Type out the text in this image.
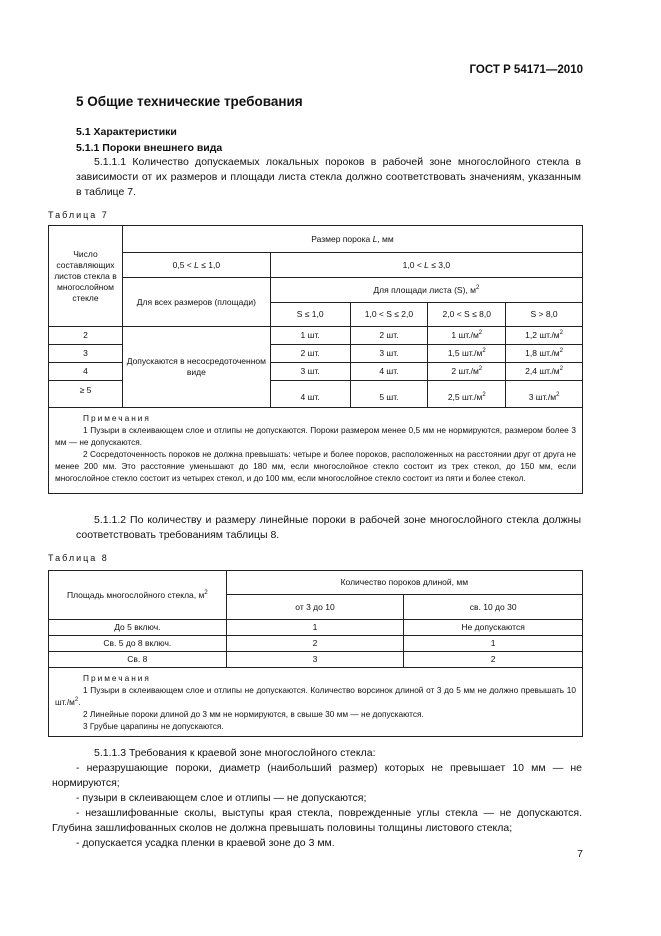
ГОСТ Р 54171—2010
5 Общие технические требования
5.1 Характеристики
5.1.1 Пороки внешнего вида
5.1.1.1 Количество допускаемых локальных пороков в рабочей зоне многослойного стекла в зависимости от их размеров и площади листа стекла должно соответствовать значениям, указанным в таблице 7.
Таблица 7
Число составляющих листов стекла в многослойном стекле	Размер порока L, мм				
	0,5 < L ≤ 1,0	1,0 < L ≤ 3,0			
	Для всех размеров (площади)	Для площади листа (S), $м^2$
		S ≤ 1,0	1,0 < S ≤ 2,0	2,0 < S ≤ 8,0	S > 8,0
2	Допускаются в несосредоточенном виде	1 шт.	2 шт.	1 $шт./м^2$	1,2 $шт./м^2$
3		2 шт.	3 шт.	1,5 $шт./м^2$	1,8 $шт./м^2$
4		3 шт.	4 шт.	2 $шт./м^2$	2,4 $шт./м^2$
≥ 5		4 шт.	5 шт.	2,5 $шт./м^2$	3 $шт./м^2$

Примечания
1 Пузыри в склеивающем слое и отлипы не допускаются. Пороки размером менее 0,5 мм не нормируются, размером более 3 мм — не допускаются.
2 Сосредоточенность пороков не должна превышать: четыре и более пороков, расположенных на расстоянии друг от друга не менее 200 мм. Это расстояние уменьшают до 180 мм, если многослойное стекло состоит из трех стекол, до 150 мм, если многослойное стекло состоит из четырех стекол, и до 100 мм, если многослойное стекло состоит из пяти и более стекол.					
5.1.1.2 По количеству и размеру линейные пороки в рабочей зоне многослойного стекла должны соответствовать требованиям таблицы 8.
Таблица 8
Площадь многослойного стекла, $м^2$	Количество пороков длиной, мм	
	от 3 до 10	св. 10 до 30
До 5 включ.	1	Не допускаются
Св. 5 до 8 включ.	2	1
Св. 8	3	2

Примечания
1 Пузыри в склеивающем слое и отлипы не допускаются. Количество ворсинок длиной от 3 до 5 мм не должно превышать 10 $шт./м^2$.
2 Линейные пороки длиной до 3 мм не нормируются, в свыше 30 мм — не допускаются.
3 Грубые царапины не допускаются.		
5.1.1.3 Требования к краевой зоне многослойного стекла:
- неразрушающие пороки, диаметр (наибольший размер) которых не превышает 10 мм — не нормируются;
- пузыри в склеивающем слое и отлипы — не допускаются;
- незашлифованные сколы, выступы края стекла, поврежденные углы стекла — не допускаются. Глубина зашлифованных сколов не должна превышать половины толщины листового стекла;
- допускается усадка пленки в краевой зоне до 3 мм.
7
